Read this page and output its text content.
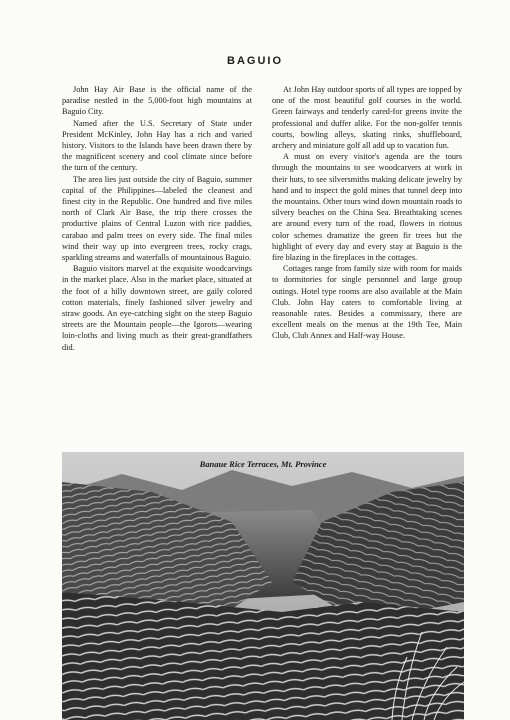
BAGUIO

John Hay Air Base is the official name of the paradise nestled in the 5,000-foot high mountains at Baguio City.

Named after the U.S. Secretary of State under President McKinley, John Hay has a rich and varied history. Visitors to the Islands have been drawn there by the magnificent scenery and cool climate since before the turn of the century.

The area lies just outside the city of Baguio, summer capital of the Philippines—labeled the cleanest and finest city in the Republic. One hundred and five miles north of Clark Air Base, the trip there crosses the productive plains of Central Luzon with rice paddies, carabao and palm trees on every side. The final miles wind their way up into evergreen trees, rocky crags, sparkling streams and waterfalls of mountainous Baguio.

Baguio visitors marvel at the exquisite woodcarvings in the market place. Also in the market place, situated at the foot of a hilly downtown street, are gaily colored cotton materials, finely fashioned silver jewelry and straw goods. An eye-catching sight on the steep Baguio streets are the Mountain people—the Igorots—wearing loin-cloths and living much as their great-grandfathers did.

At John Hay outdoor sports of all types are topped by one of the most beautiful golf courses in the world. Green fairways and tenderly cared-for greens invite the professional and duffer alike. For the non-golfer tennis courts, bowling alleys, skating rinks, shuffleboard, archery and miniature golf all add up to vacation fun.

A must on every visitor's agenda are the tours through the mountains to see woodcarvers at work in their huts, to see silversmiths making delicate jewelry by hand and to inspect the gold mines that tunnel deep into the mountains. Other tours wind down mountain roads to silvery beaches on the China Sea. Breathtaking scenes are around every turn of the road, flowers in riotous color schemes dramatize the green fir trees but the highlight of every day and every stay at Baguio is the fire blazing in the fireplaces in the cottages.

Cottages range from family size with room for maids to dormitories for single personnel and large group outings. Hotel type rooms are also available at the Main Club. John Hay caters to comfortable living at reasonable rates. Besides a commissary, there are excellent meals on the menus at the 19th Tee, Main Club, Club Annex and Half-way House.

Banaue Rice Terraces, Mt. Province
